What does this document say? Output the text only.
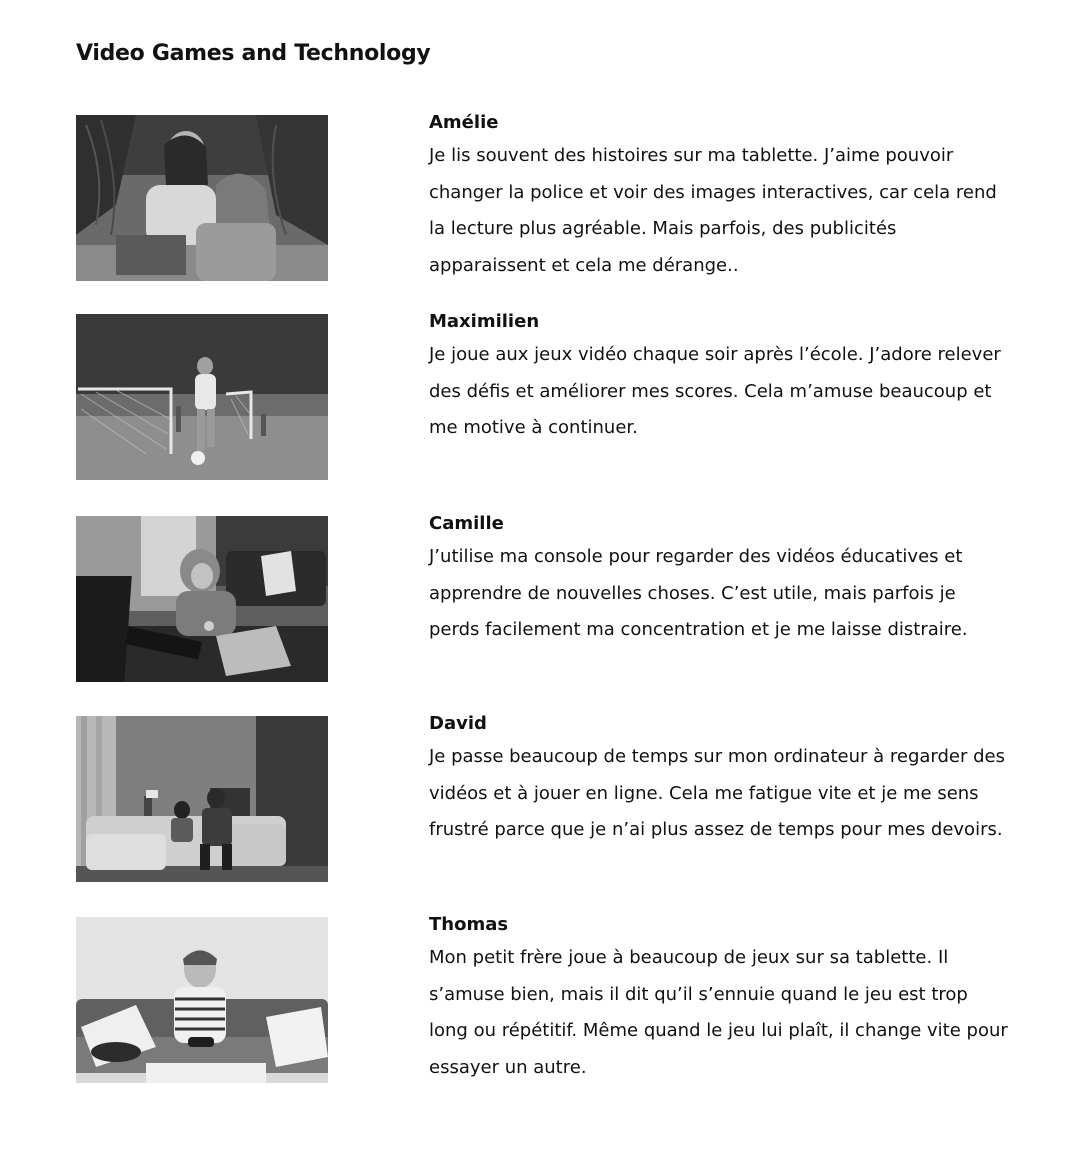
Video Games and Technology
Amélie
Je lis souvent des histoires sur ma tablette. J’aime pouvoir changer la police et voir des images interactives, car cela rend la lecture plus agréable. Mais parfois, des publicités apparaissent et cela me dérange..
Maximilien
Je joue aux jeux vidéo chaque soir après l’école. J’adore relever des défis et améliorer mes scores. Cela m’amuse beaucoup et me motive à continuer.
Camille
J’utilise ma console pour regarder des vidéos éducatives et apprendre de nouvelles choses. C’est utile, mais parfois je perds facilement ma concentration et je me laisse distraire.
David
Je passe beaucoup de temps sur mon ordinateur à regarder des vidéos et à jouer en ligne. Cela me fatigue vite et je me sens frustré parce que je n’ai plus assez de temps pour mes devoirs.
Thomas
Mon petit frère joue à beaucoup de jeux sur sa tablette. Il s’amuse bien, mais il dit qu’il s’ennuie quand le jeu est trop long ou répétitif. Même quand le jeu lui plaît, il change vite pour essayer un autre.
